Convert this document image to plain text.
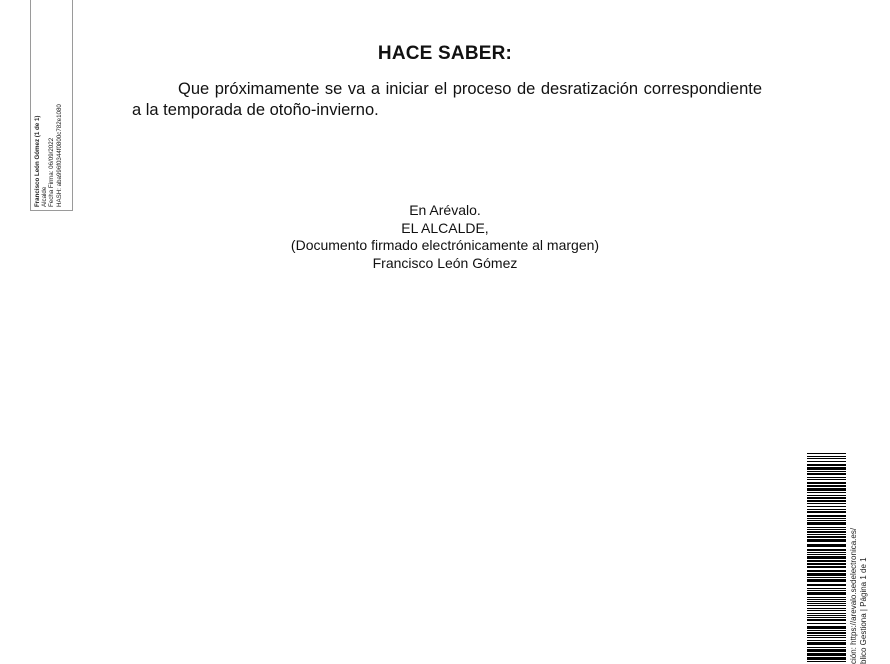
Francisco León Gómez (1 de 1) Alcalde Fecha Firma: 06/09/2022 HASH: aba996f0344f0800c782e1080
HACE SABER:
Que próximamente se va a iniciar el proceso de desratización correspondiente a la temporada de otoño-invierno.
En Arévalo.
EL ALCALDE,
(Documento firmado electrónicamente al margen)
Francisco León Gómez
ción: https://arevalo.sedelectronica.es/ blico Gestiona | Página 1 de 1
